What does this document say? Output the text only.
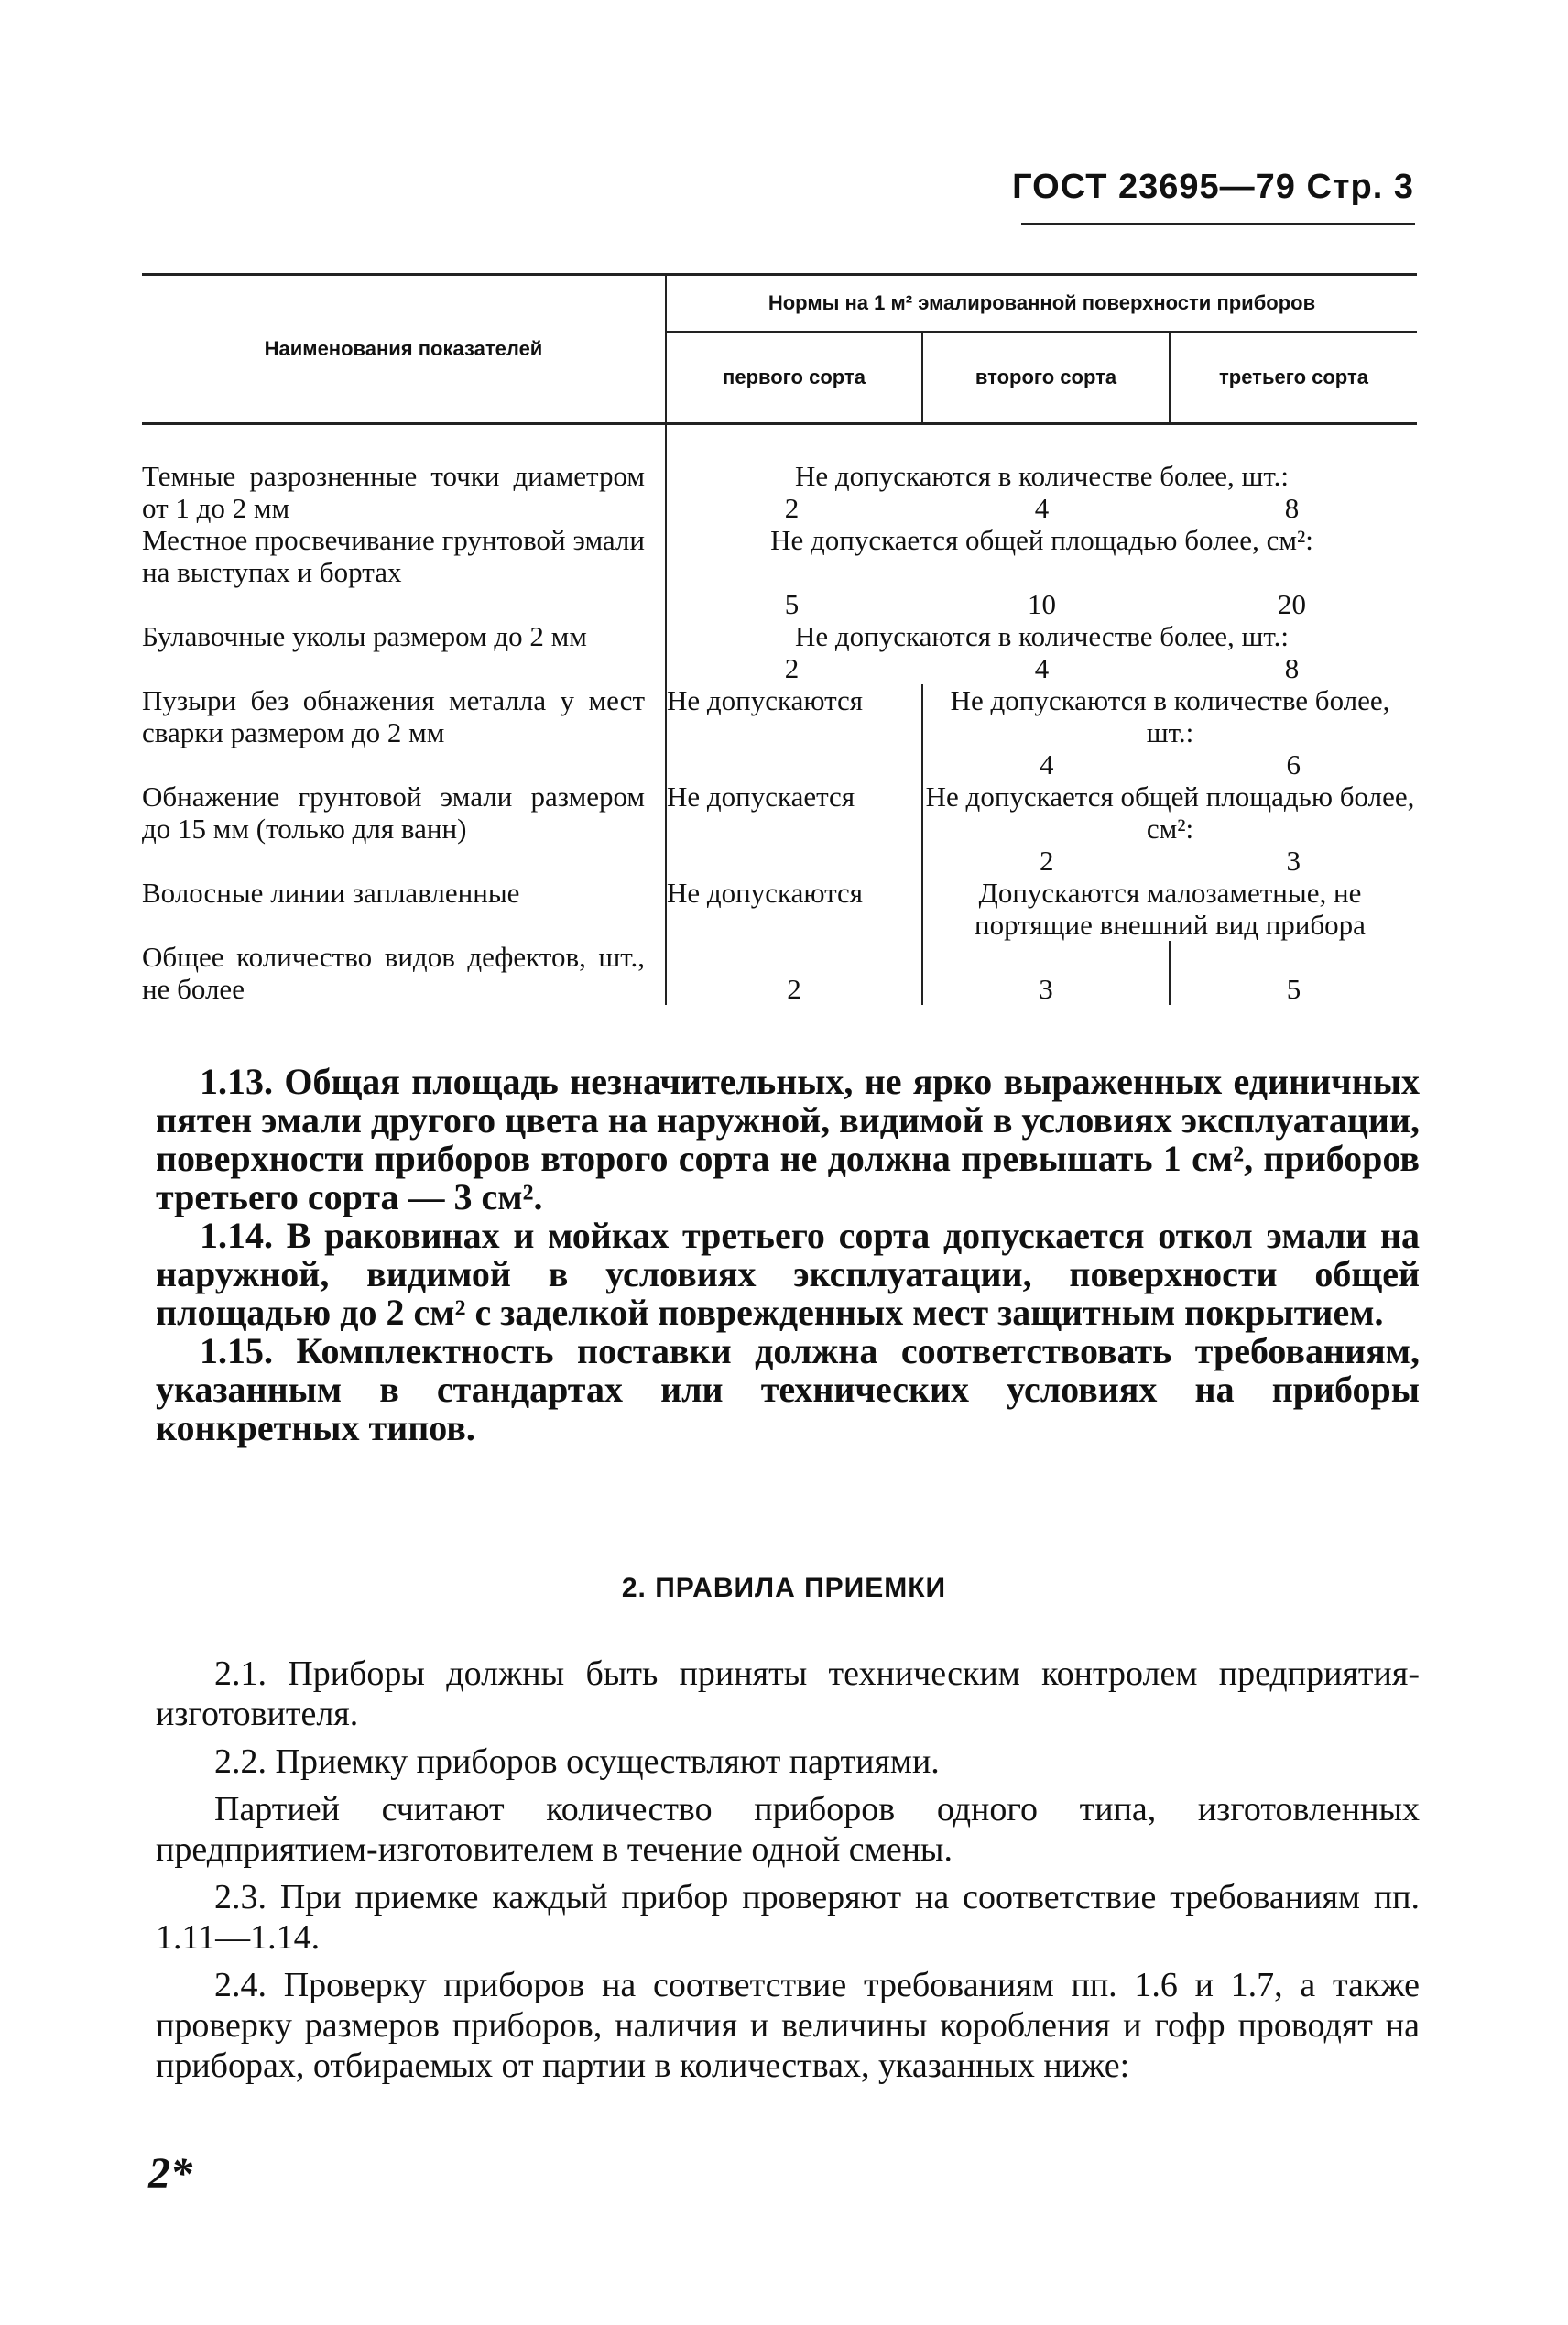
ГОСТ 23695—79 Стр. 3
Наименования показателей	Нормы на 1 м² эмалированной поверхности приборов		
	первого сорта	второго сорта	третьего сорта
Темные разрозненные точки диаметром от 1 до 2 мм	Не допускаются в количестве более, шт.:
2 4 8		

Местное просвечивание грунтовой эмали на выступах и бортах	Не допускается общей площадью более, см²:
5 10 20		

Булавочные уколы размером до 2 мм	Не допускаются в количестве более, шт.:
2 4 8		

Пузыри без обнажения металла у мест сварки размером до 2 мм	Не допускаются	Не допускаются в количестве более, шт.:
4 6	

Обнажение грунтовой эмали размером до 15 мм (только для ванн)	Не допускается	Не допускается общей площадью более, см²:
2 3	

Волосные линии заплавленные	Не допускаются	Допускаются малозаметные, не портящие внешний вид прибора	

Общее количество видов дефектов, шт., не более	2	3	5

1.13. Общая площадь незначительных, не ярко выраженных единичных пятен эмали другого цвета на наружной, видимой в условиях эксплуатации, поверхности приборов второго сорта не должна превышать 1 см², приборов третьего сорта — 3 см².

1.14. В раковинах и мойках третьего сорта допускается откол эмали на наружной, видимой в условиях эксплуатации, поверхности общей площадью до 2 см² с заделкой поврежденных мест защитным покрытием.

1.15. Комплектность поставки должна соответствовать требованиям, указанным в стандартах или технических условиях на приборы конкретных типов.

2. ПРАВИЛА ПРИЕМКИ

2.1. Приборы должны быть приняты техническим контролем предприятия-изготовителя.

2.2. Приемку приборов осуществляют партиями.

Партией считают количество приборов одного типа, изготовленных предприятием-изготовителем в течение одной смены.

2.3. При приемке каждый прибор проверяют на соответствие требованиям пп. 1.11—1.14.

2.4. Проверку приборов на соответствие требованиям пп. 1.6 и 1.7, а также проверку размеров приборов, наличия и величины коробления и гофр проводят на приборах, отбираемых от партии в количествах, указанных ниже:

2*
